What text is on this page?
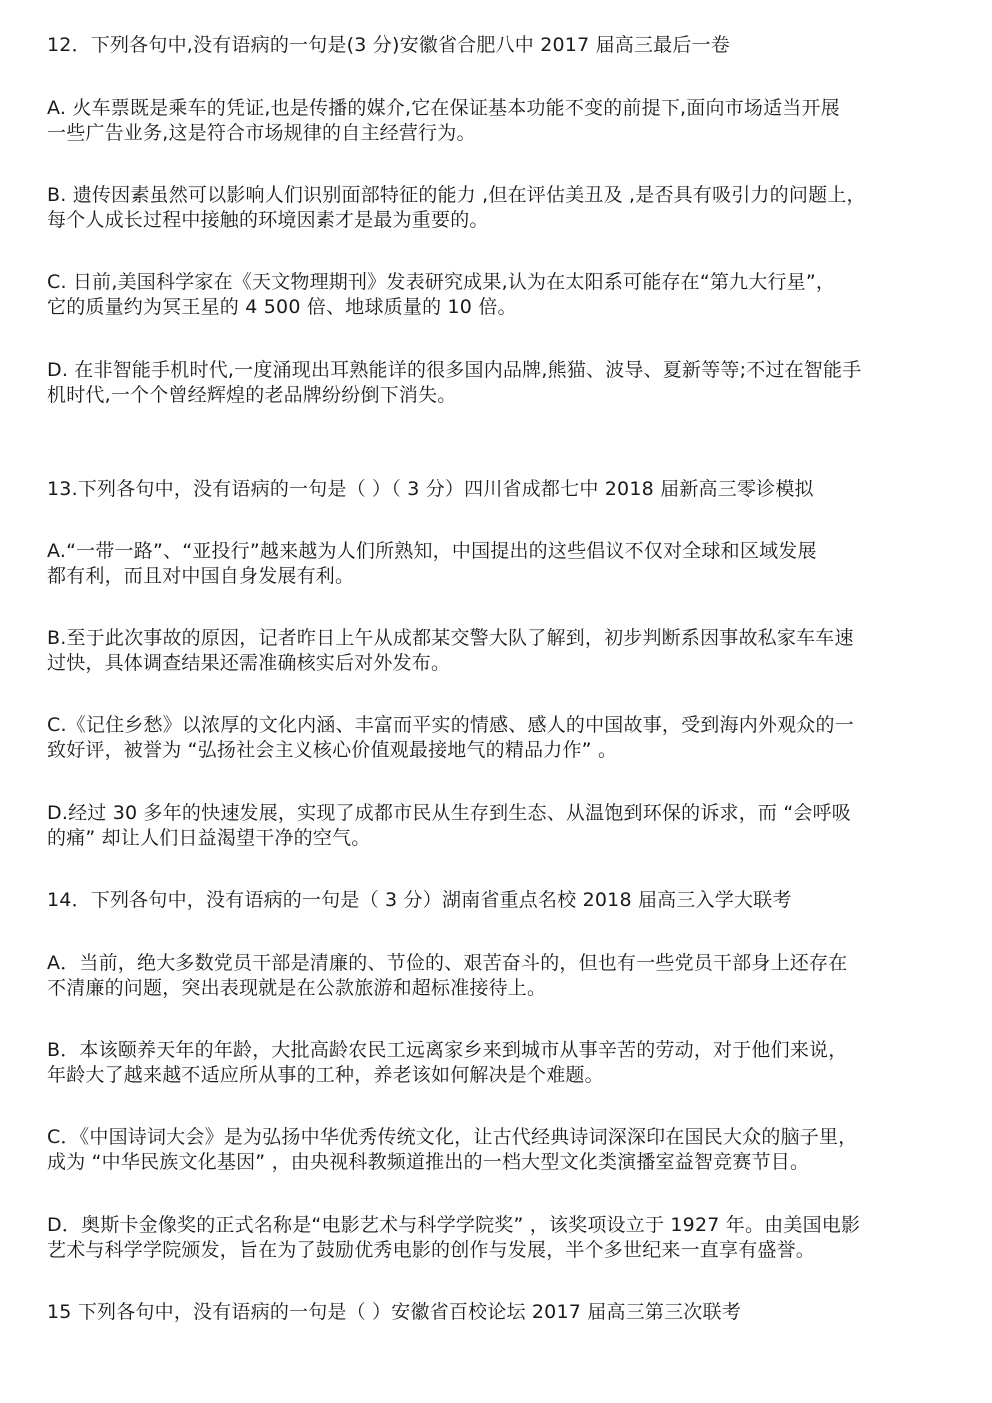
12．下列各句中,没有语病的一句是(3 分)安徽省合肥八中 2017 届高三最后一卷
A. 火车票既是乘车的凭证,也是传播的媒介,它在保证基本功能不变的前提下,面向市场适当开展
一些广告业务,这是符合市场规律的自主经营行为。
B. 遗传因素虽然可以影响人们识别面部特征的能力 ,但在评估美丑及 ,是否具有吸引力的问题上，
每个人成长过程中接触的环境因素才是最为重要的。
C. 日前,美国科学家在《天文物理期刊》发表研究成果,认为在太阳系可能存在“第九大行星”，
它的质量约为冥王星的 4 500 倍、地球质量的 10 倍。
D. 在非智能手机时代,一度涌现出耳熟能详的很多国内品牌,熊猫、波导、夏新等等;不过在智能手
机时代,一个个曾经辉煌的老品牌纷纷倒下消失。
13.下列各句中，没有语病的一句是（ ）（ 3 分）四川省成都七中 2018 届新高三零诊模拟
A.“一带一路”、“亚投行”越来越为人们所熟知，中国提出的这些倡议不仅对全球和区域发展
都有利，而且对中国自身发展有利。
B.至于此次事故的原因，记者昨日上午从成都某交警大队了解到，初步判断系因事故私家车车速
过快，具体调查结果还需准确核实后对外发布。
C.《记住乡愁》以浓厚的文化内涵、丰富而平实的情感、感人的中国故事，受到海内外观众的一
致好评，被誉为 “弘扬社会主义核心价值观最接地气的精品力作” 。
D.经过 30 多年的快速发展，实现了成都市民从生存到生态、从温饱到环保的诉求，而 “会呼吸
的痛” 却让人们日益渴望干净的空气。
14．下列各句中，没有语病的一句是（ 3 分）湖南省重点名校 2018 届高三入学大联考
A．当前，绝大多数党员干部是清廉的、节俭的、艰苦奋斗的，但也有一些党员干部身上还存在
不清廉的问题，突出表现就是在公款旅游和超标准接待上。
B．本该颐养天年的年龄，大批高龄农民工远离家乡来到城市从事辛苦的劳动，对于他们来说，
年龄大了越来越不适应所从事的工种，养老该如何解决是个难题。
C．《中国诗词大会》是为弘扬中华优秀传统文化，让古代经典诗词深深印在国民大众的脑子里，
成为 “中华民族文化基因” ，由央视科教频道推出的一档大型文化类演播室益智竞赛节目。
D．奥斯卡金像奖的正式名称是“电影艺术与科学学院奖” ，该奖项设立于 1927 年。由美国电影
艺术与科学学院颁发，旨在为了鼓励优秀电影的创作与发展，半个多世纪来一直享有盛誉。
15 下列各句中，没有语病的一句是（ ）安徽省百校论坛 2017 届高三第三次联考
